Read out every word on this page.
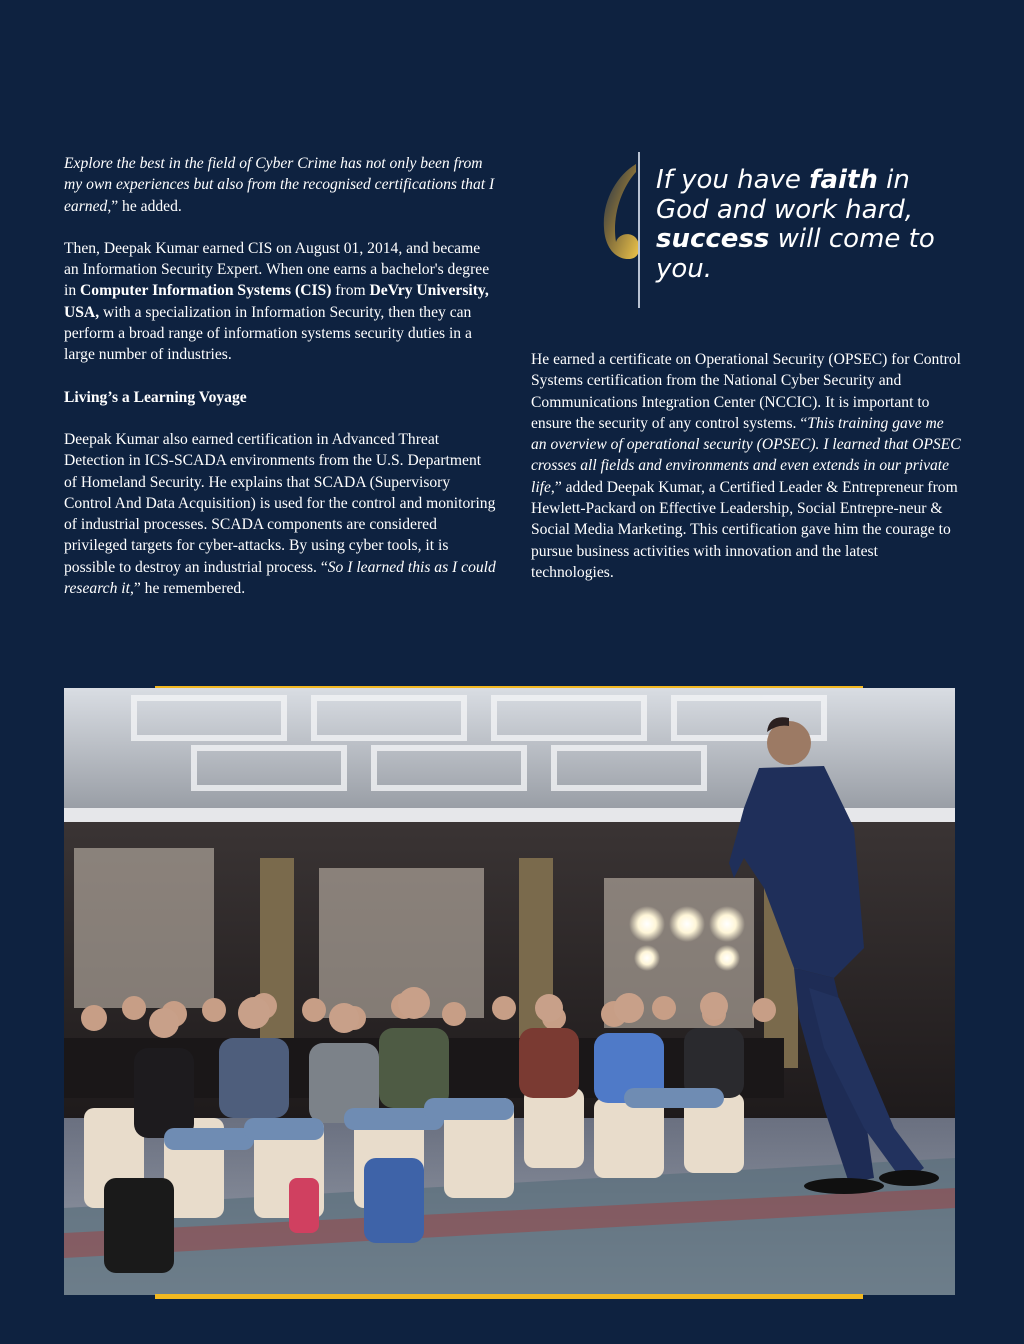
Explore the best in the field of Cyber Crime has not only been from my own experiences but also from the recognised certifications that I earned,” he added.

Then, Deepak Kumar earned CIS on August 01, 2014, and became an Information Security Expert. When one earns a bachelor's degree in Computer Information Systems (CIS) from DeVry University, USA, with a specialization in Information Security, then they can perform a broad range of information systems security duties in a large number of industries.

Living’s a Learning Voyage

Deepak Kumar also earned certification in Advanced Threat Detection in ICS-SCADA environments from the U.S. Department of Homeland Security. He explains that SCADA (Supervisory Control And Data Acquisition) is used for the control and monitoring of industrial processes. SCADA components are considered privileged targets for cyber-attacks. By using cyber tools, it is possible to destroy an industrial process. “So I learned this as I could research it,” he remembered.

If you have faith in God and work hard, success will come to you.

He earned a certificate on Operational Security (OPSEC) for Control Systems certification from the National Cyber Security and Communications Integration Center (NCCIC). It is important to ensure the security of any control systems. “This training gave me an overview of operational security (OPSEC). I learned that OPSEC crosses all fields and environments and even extends in our private life,” added Deepak Kumar, a Certified Leader & Entrepreneur from Hewlett-Packard on Effective Leadership, Social Entrepre-neur & Social Media Marketing. This certification gave him the courage to pursue business activities with innovation and the latest technologies.
